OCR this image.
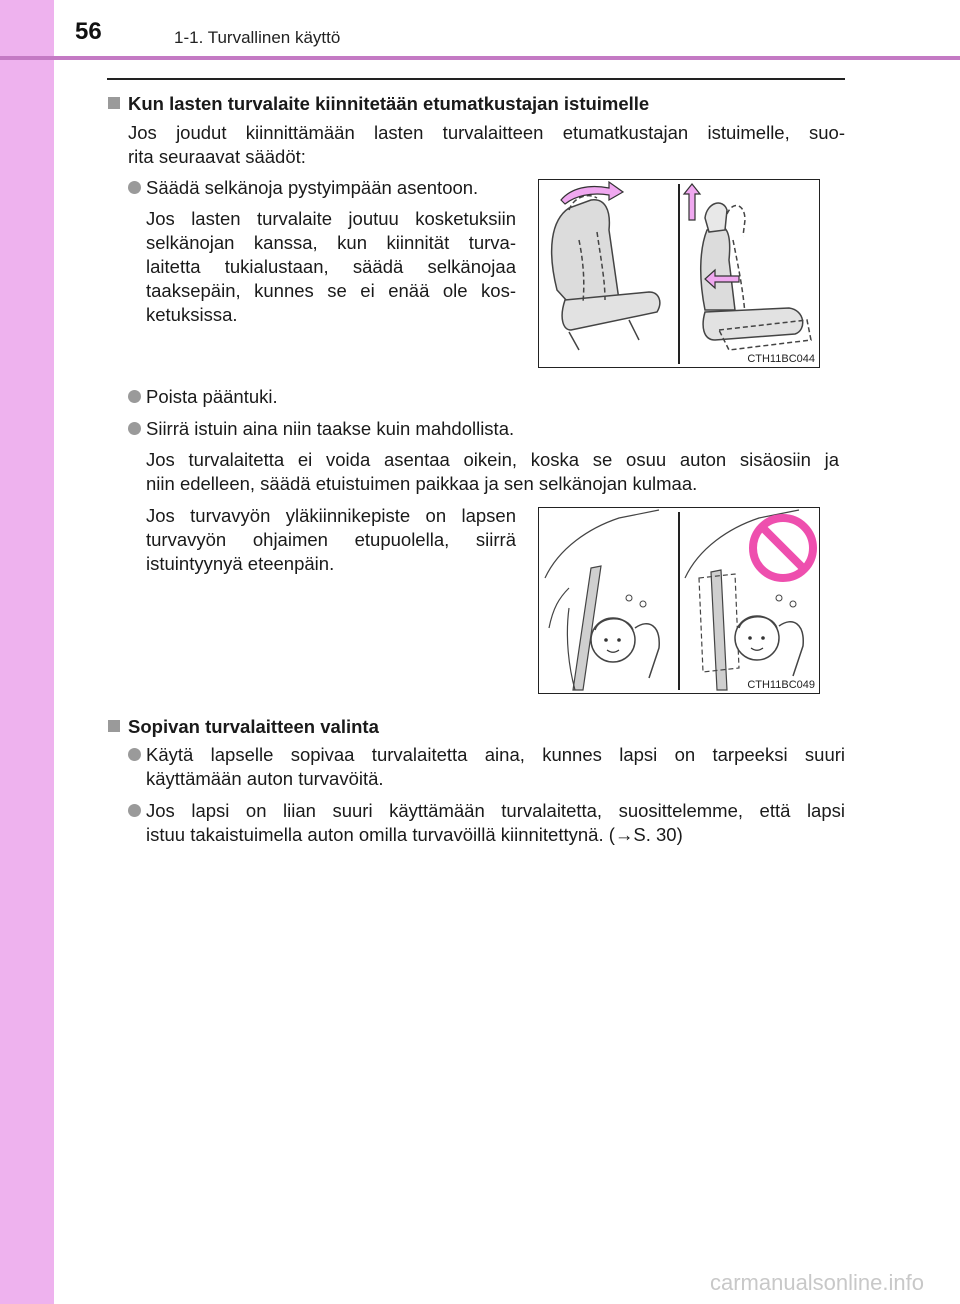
56	1-1. Turvallinen käyttö
Kun lasten turvalaite kiinnitetään etumatkustajan istuimelle
Jos joudut kiinnittämään lasten turvalaitteen etumatkustajan istuimelle, suo-
rita seuraavat säädöt:
Säädä selkänoja pystyimpään asentoon.
Jos lasten turvalaite joutuu kosketuksiin
selkänojan kanssa, kun kiinnität turva-
laitetta tukialustaan, säädä selkänojaa
taaksepäin, kunnes se ei enää ole kos-
ketuksissa.
CTH11BC044
Poista pääntuki.
Siirrä istuin aina niin taakse kuin mahdollista.
Jos turvalaitetta ei voida asentaa oikein, koska se osuu auton sisäosiin ja
niin edelleen, säädä etuistuimen paikkaa ja sen selkänojan kulmaa.
Jos turvavyön yläkiinnikepiste on lapsen
turvavyön ohjaimen etupuolella, siirrä
istuintyynyä eteenpäin.
CTH11BC049
Sopivan turvalaitteen valinta
Käytä lapselle sopivaa turvalaitetta aina, kunnes lapsi on tarpeeksi suuri
käyttämään auton turvavöitä.
Jos lapsi on liian suuri käyttämään turvalaitetta, suosittelemme, että lapsi
istuu takaistuimella auton omilla turvavöillä kiinnitettynä. (→S. 30)
carmanualsonline.info
